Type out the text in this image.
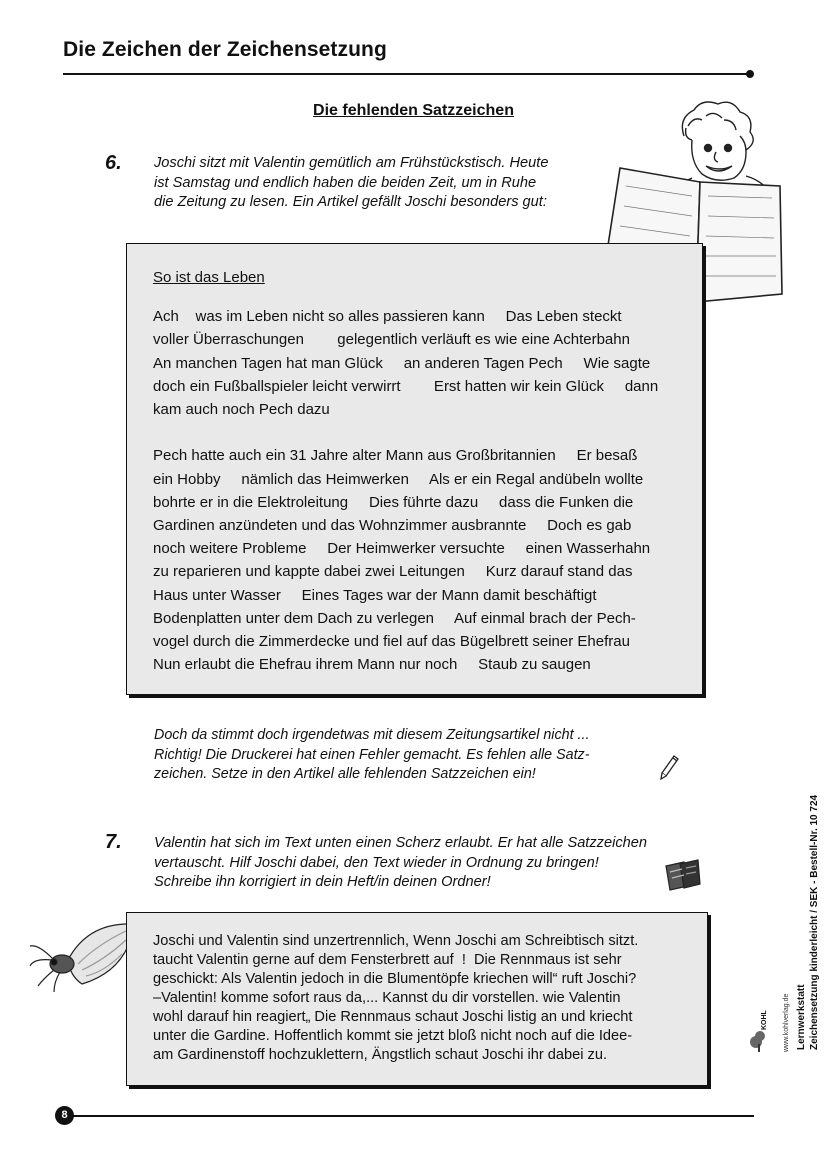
Die Zeichen der Zeichensetzung
Die fehlenden Satzzeichen
6. Joschi sitzt mit Valentin gemütlich am Frühstückstisch. Heute
ist Samstag und endlich haben die beiden Zeit, um in Ruhe
die Zeitung zu lesen. Ein Artikel gefällt Joschi besonders gut:
So ist das Leben
Ach    was im Leben nicht so alles passieren kann     Das Leben steckt
voller Überraschungen        gelegentlich verläuft es wie eine Achterbahn
An manchen Tagen hat man Glück     an anderen Tagen Pech     Wie sagte
doch ein Fußballspieler leicht verwirrt        Erst hatten wir kein Glück     dann
kam auch noch Pech dazu
Pech hatte auch ein 31 Jahre alter Mann aus Großbritannien     Er besaß
ein Hobby     nämlich das Heimwerken     Als er ein Regal andübeln wollte
bohrte er in die Elektroleitung     Dies führte dazu     dass die Funken die
Gardinen anzündeten und das Wohnzimmer ausbrannte     Doch es gab
noch weitere Probleme     Der Heimwerker versuchte     einen Wasserhahn
zu reparieren und kappte dabei zwei Leitungen     Kurz darauf stand das
Haus unter Wasser     Eines Tages war der Mann damit beschäftigt
Bodenplatten unter dem Dach zu verlegen     Auf einmal brach der Pech-
vogel durch die Zimmerdecke und fiel auf das Bügelbrett seiner Ehefrau
Nun erlaubt die Ehefrau ihrem Mann nur noch     Staub zu saugen
Doch da stimmt doch irgendetwas mit diesem Zeitungsartikel nicht ...
Richtig! Die Druckerei hat einen Fehler gemacht. Es fehlen alle Satz-
zeichen. Setze in den Artikel alle fehlenden Satzzeichen ein!
7. Valentin hat sich im Text unten einen Scherz erlaubt. Er hat alle Satzzeichen
vertauscht. Hilf Joschi dabei, den Text wieder in Ordnung zu bringen!
Schreibe ihn korrigiert in dein Heft/in deinen Ordner!
Joschi und Valentin sind unzertrennlich, Wenn Joschi am Schreibtisch sitzt.
taucht Valentin gerne auf dem Fensterbrett auf  !  Die Rennmaus ist sehr
geschickt: Als Valentin jedoch in die Blumentöpfe kriechen will“ ruft Joschi?
–Valentin! komme sofort raus da,... Kannst du dir vorstellen. wie Valentin
wohl darauf hin reagiert„ Die Rennmaus schaut Joschi listig an und kriecht
unter die Gardine. Hoffentlich kommt sie jetzt bloß nicht noch auf die Idee-
am Gardinenstoff hochzuklettern, Ängstlich schaut Joschi ihr dabei zu.
Lernwerkstatt Zeichensetzung kinderleicht / SEK - Bestell-Nr. 10 724
www.kohlverlag.de
KOHL
8
